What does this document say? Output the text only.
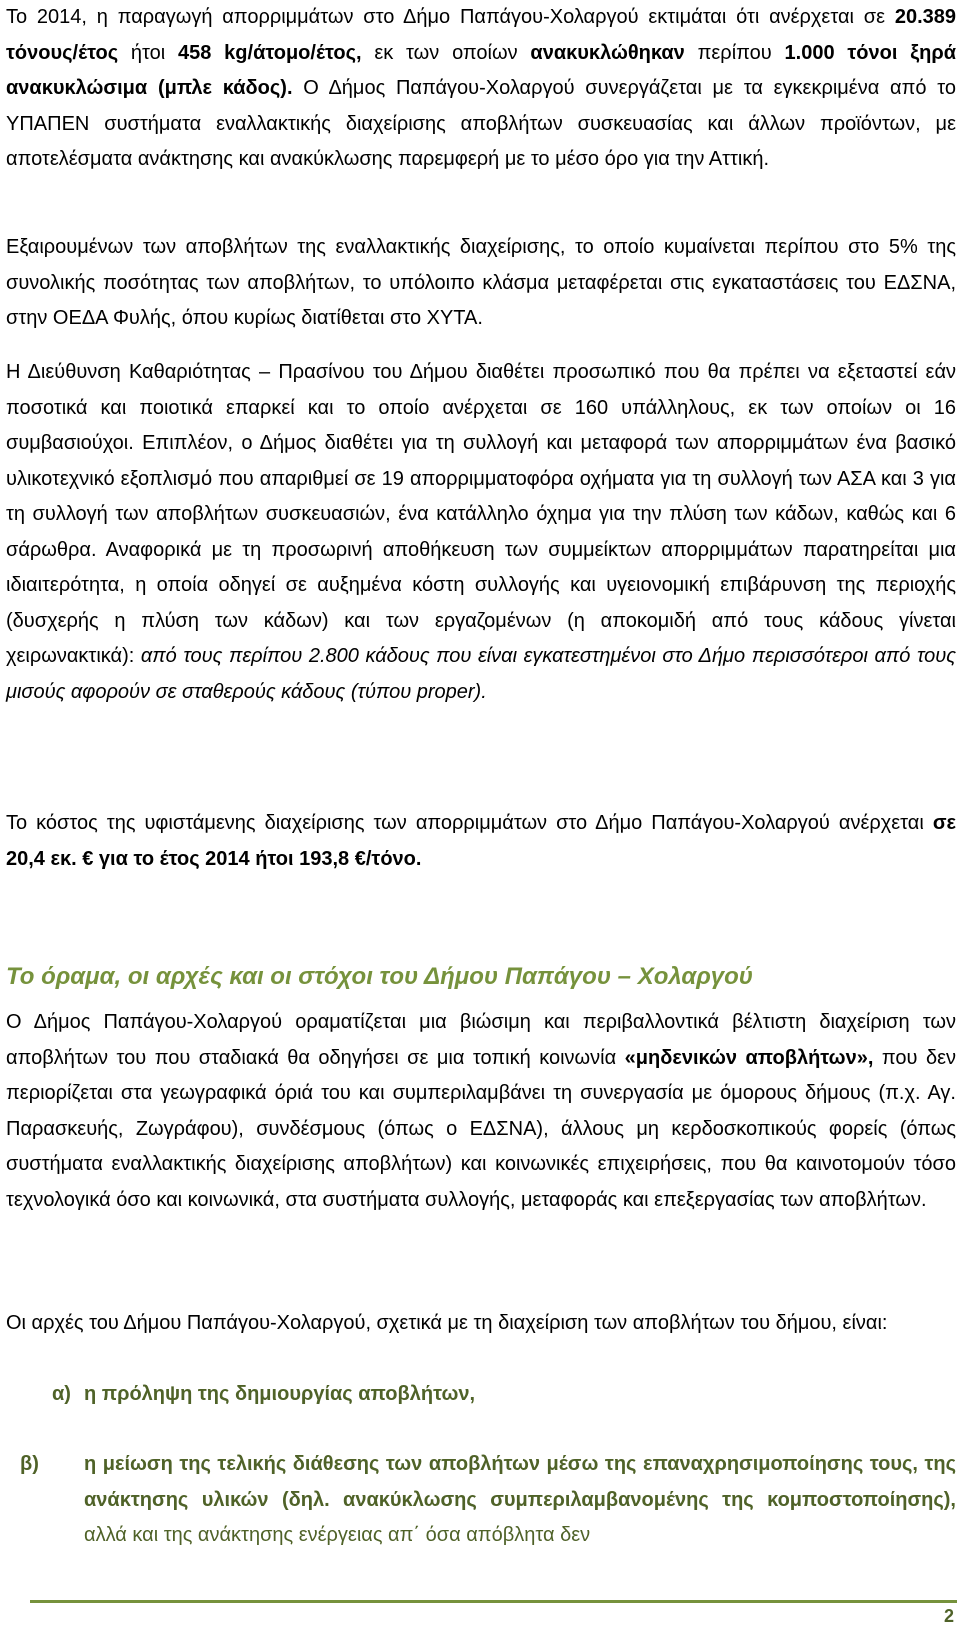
Το 2014, η παραγωγή απορριμμάτων στο Δήμο Παπάγου-Χολαργού εκτιμάται ότι ανέρχεται σε 20.389 τόνους/έτος ήτοι 458 kg/άτομο/έτος, εκ των οποίων ανακυκλώθηκαν περίπου 1.000 τόνοι ξηρά ανακυκλώσιμα (μπλε κάδος). Ο Δήμος Παπάγου-Χολαργού συνεργάζεται με τα εγκεκριμένα από το ΥΠΑΠΕΝ συστήματα εναλλακτικής διαχείρισης αποβλήτων συσκευασίας και άλλων προϊόντων, με αποτελέσματα ανάκτησης και ανακύκλωσης παρεμφερή με το μέσο όρο για την Αττική.

Εξαιρουμένων των αποβλήτων της εναλλακτικής διαχείρισης, το οποίο κυμαίνεται περίπου στο 5% της συνολικής ποσότητας των αποβλήτων, το υπόλοιπο κλάσμα μεταφέρεται στις εγκαταστάσεις του ΕΔΣΝΑ, στην ΟΕΔΑ Φυλής, όπου κυρίως διατίθεται στο ΧΥΤΑ.

Η Διεύθυνση Καθαριότητας – Πρασίνου του Δήμου διαθέτει προσωπικό που θα πρέπει να εξεταστεί εάν ποσοτικά και ποιοτικά επαρκεί και το οποίο ανέρχεται σε 160 υπάλληλους, εκ των οποίων οι 16 συμβασιούχοι. Επιπλέον, ο Δήμος διαθέτει για τη συλλογή και μεταφορά των απορριμμάτων ένα βασικό υλικοτεχνικό εξοπλισμό που απαριθμεί σε 19 απορριμματοφόρα οχήματα για τη συλλογή των ΑΣΑ και 3 για τη συλλογή των αποβλήτων συσκευασιών, ένα κατάλληλο όχημα για την πλύση των κάδων, καθώς και 6 σάρωθρα. Αναφορικά με τη προσωρινή αποθήκευση των συμμείκτων απορριμμάτων παρατηρείται μια ιδιαιτερότητα, η οποία οδηγεί σε αυξημένα κόστη συλλογής και υγειονομική επιβάρυνση της περιοχής (δυσχερής η πλύση των κάδων) και των εργαζομένων (η αποκομιδή από τους κάδους γίνεται χειρωνακτικά): από τους περίπου 2.800 κάδους που είναι εγκατεστημένοι στο Δήμο περισσότεροι από τους μισούς αφορούν σε σταθερούς κάδους (τύπου proper).

Το κόστος της υφιστάμενης διαχείρισης των απορριμμάτων στο Δήμο Παπάγου-Χολαργού ανέρχεται σε 20,4 εκ. € για το έτος 2014 ήτοι 193,8 €/τόνο.

Το όραμα, οι αρχές και οι στόχοι του Δήμου Παπάγου – Χολαργού

Ο Δήμος Παπάγου-Χολαργού οραματίζεται μια βιώσιμη και περιβαλλοντικά βέλτιστη διαχείριση των αποβλήτων του που σταδιακά θα οδηγήσει σε μια τοπική κοινωνία «μηδενικών αποβλήτων», που δεν περιορίζεται στα γεωγραφικά όριά του και συμπεριλαμβάνει τη συνεργασία με όμορους δήμους (π.χ. Αγ. Παρασκευής, Ζωγράφου), συνδέσμους (όπως ο ΕΔΣΝΑ), άλλους μη κερδοσκοπικούς φορείς (όπως συστήματα εναλλακτικής διαχείρισης αποβλήτων) και κοινωνικές επιχειρήσεις, που θα καινοτομούν τόσο τεχνολογικά όσο και κοινωνικά, στα συστήματα συλλογής, μεταφοράς και επεξεργασίας των αποβλήτων.

Οι αρχές του Δήμου Παπάγου-Χολαργού, σχετικά με τη διαχείριση των αποβλήτων του δήμου, είναι:

α) η πρόληψη της δημιουργίας αποβλήτων,

β) η μείωση της τελικής διάθεσης των αποβλήτων μέσω της επαναχρησιμοποίησης τους, της ανάκτησης υλικών (δηλ. ανακύκλωσης συμπεριλαμβανομένης της κομποστοποίησης), αλλά και της ανάκτησης ενέργειας απ΄ όσα απόβλητα δεν

2
